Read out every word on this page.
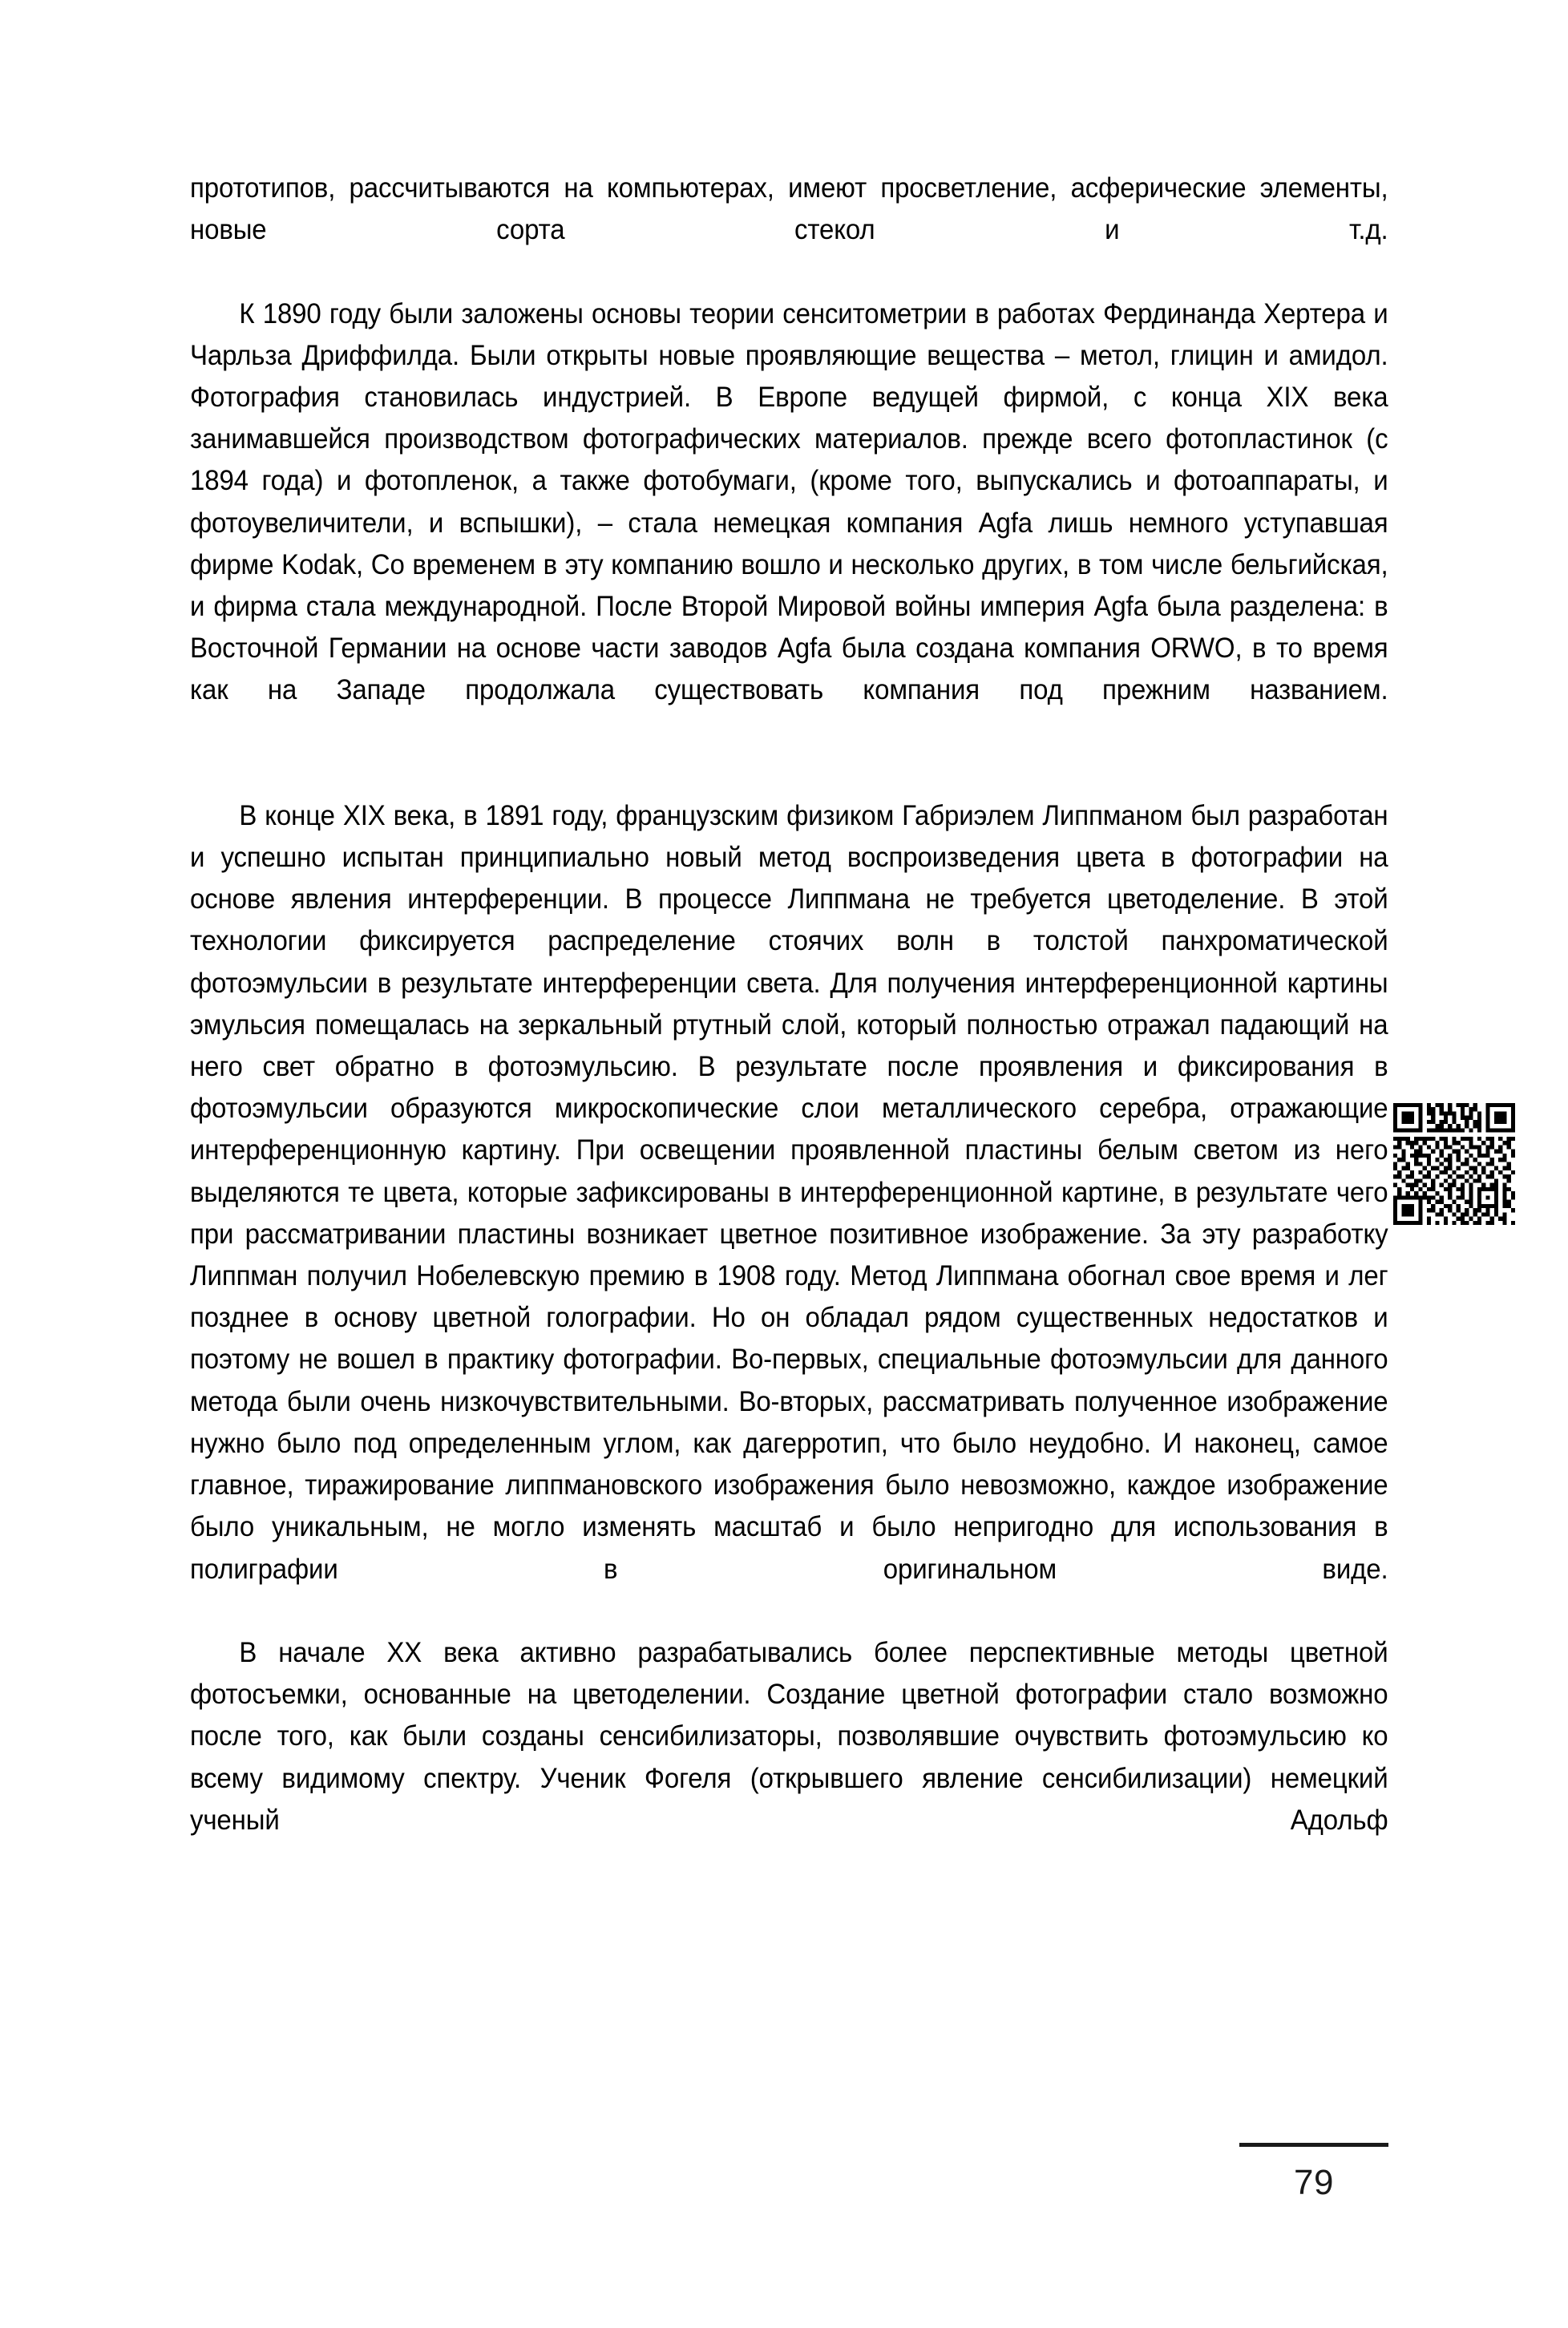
прототипов, рассчитываются на компьютерах, имеют просветление, асферические элементы, новые сорта стекол и т.д.

К 1890 году были заложены основы теории сенситометрии в работах Фердинанда Хертера и Чарльза Дриффилда. Были открыты новые проявляющие вещества – метол, глицин и амидол. Фотография становилась индустрией. В Европе ведущей фирмой, с конца XIX века занимавшейся производством фотографических материалов. прежде всего фотопластинок (с 1894 года) и фотопленок, а также фотобумаги, (кроме того, выпускались и фотоаппараты, и фотоувеличители, и вспышки), – стала немецкая компания Agfa лишь немного уступавшая фирме Kodak, Со временем в эту компанию вошло и несколько других, в том числе бельгийская, и фирма стала международной. После Второй Мировой войны империя Agfa была разделена: в Восточной Германии на основе части заводов Agfa была создана компания ORWO, в то время как на Западе продолжала существовать компания под прежним названием.

В конце XIX века, в 1891 году, французским физиком Габриэлем Липпманом был разработан и успешно испытан принципиально новый метод воспроизведения цвета в фотографии на основе явления интерференции. В процессе Липпмана не требуется цветоделение. В этой технологии фиксируется распределение стоячих волн в толстой панхроматической фотоэмульсии в результате интерференции света. Для получения интерференционной картины эмульсия помещалась на зеркальный ртутный слой, который полностью отражал падающий на него свет обратно в фотоэмульсию. В результате после проявления и фиксирования в фотоэмульсии образуются микроскопические слои металлического серебра, отражающие интерференционную картину. При освещении проявленной пластины белым светом из него выделяются те цвета, которые зафиксированы в интерференционной картине, в результате чего при рассматривании пластины возникает цветное позитивное изображение. За эту разработку Липпман получил Нобелевскую премию в 1908 году. Метод Липпмана обогнал свое время и лег позднее в основу цветной голографии. Но он обладал рядом существенных недостатков и поэтому не вошел в практику фотографии. Во-первых, специальные фотоэмульсии для данного метода были очень низкочувствительными. Во-вторых, рассматривать полученное изображение нужно было под определенным углом, как дагерротип, что было неудобно. И наконец, самое главное, тиражирование липпмановского изображения было невозможно, каждое изображение было уникальным, не могло изменять масштаб и было непригодно для использования в полиграфии в оригинальном виде.

В начале XX века активно разрабатывались более перспективные методы цветной фотосъемки, основанные на цветоделении. Создание цветной фотографии стало возможно после того, как были созданы сенсибилизаторы, позволявшие очувствить фотоэмульсию ко всему видимому спектру. Ученик Фогеля (открывшего явление сенсибилизации) немецкий ученый Адольф

79
